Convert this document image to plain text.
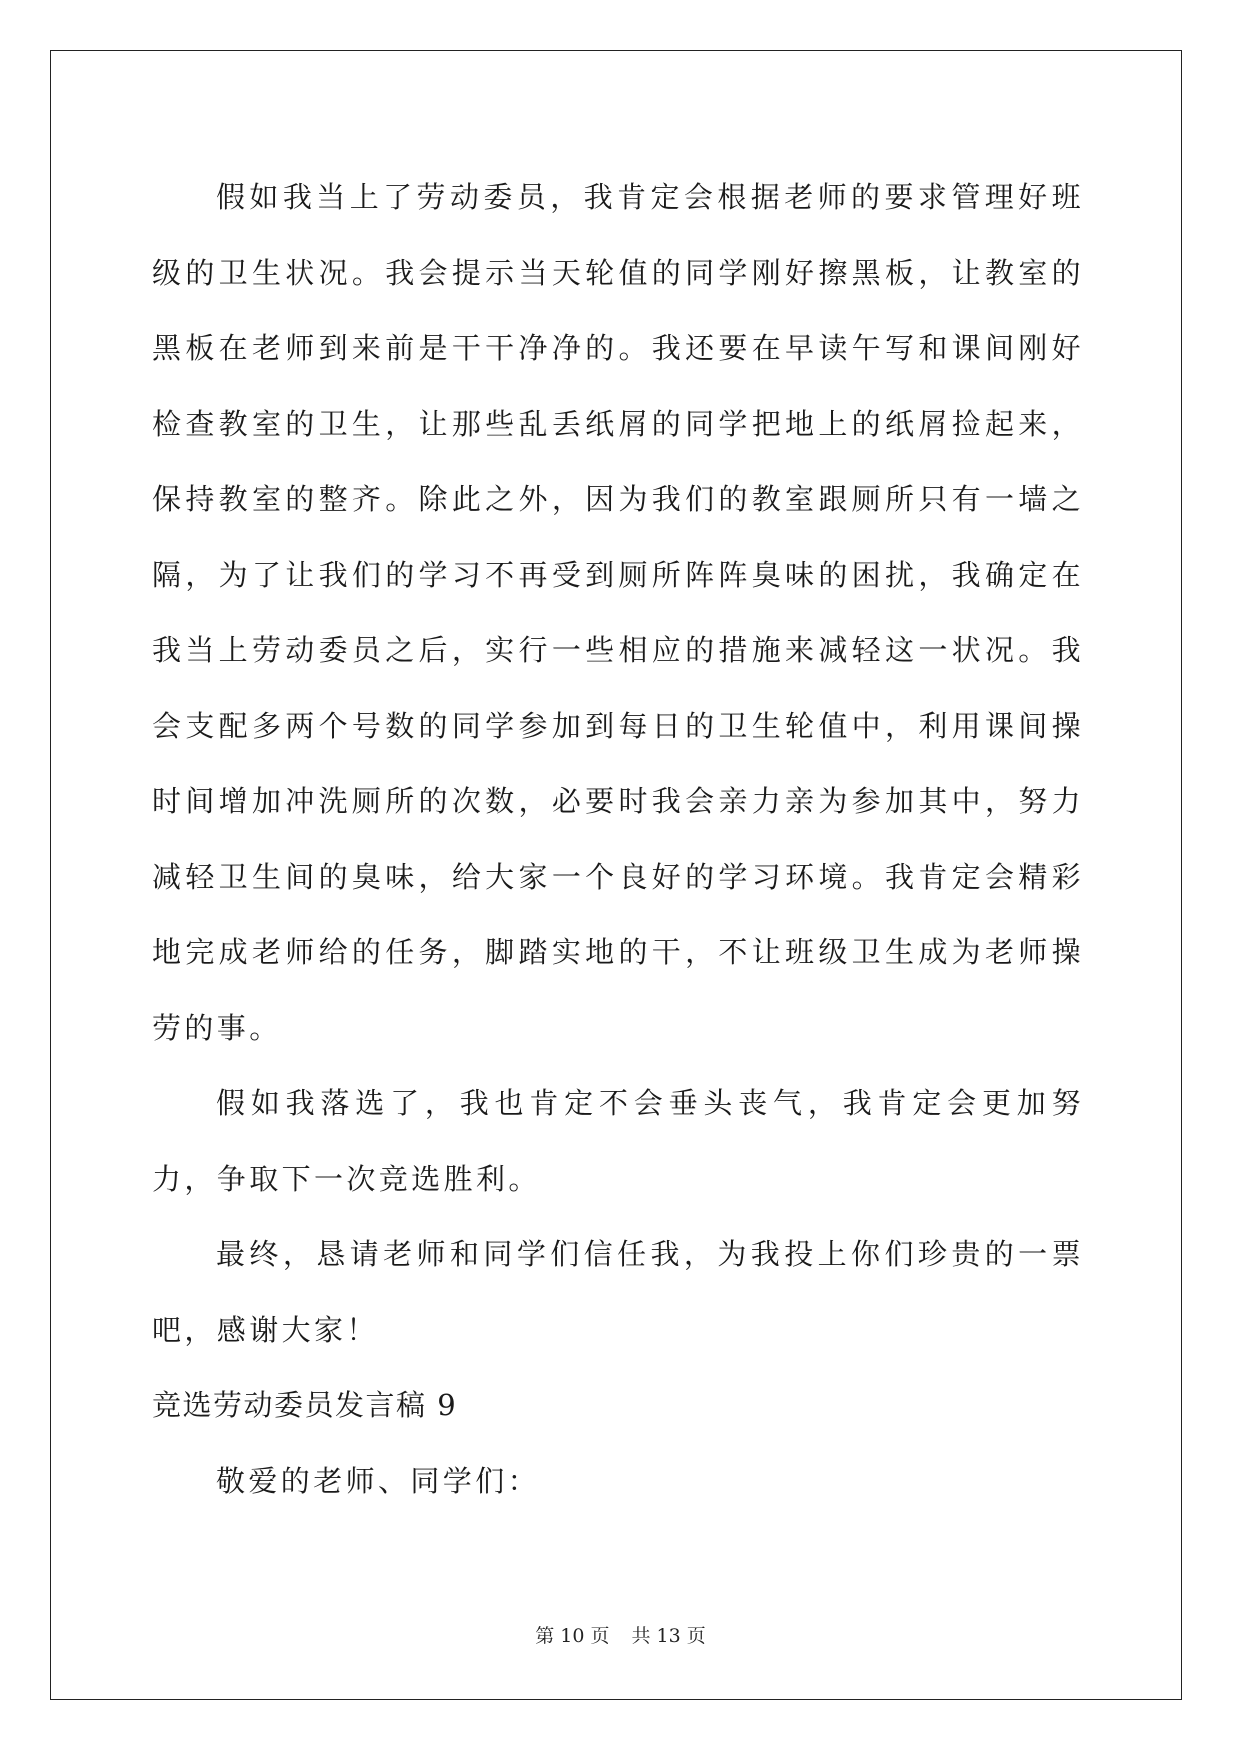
假如我当上了劳动委员，我肯定会根据老师的要求管理好班级的卫生状况。我会提示当天轮值的同学刚好擦黑板，让教室的黑板在老师到来前是干干净净的。我还要在早读午写和课间刚好检查教室的卫生，让那些乱丢纸屑的同学把地上的纸屑捡起来，保持教室的整齐。除此之外，因为我们的教室跟厕所只有一墙之隔，为了让我们的学习不再受到厕所阵阵臭味的困扰，我确定在我当上劳动委员之后，实行一些相应的措施来减轻这一状况。我会支配多两个号数的同学参加到每日的卫生轮值中，利用课间操时间增加冲洗厕所的次数，必要时我会亲力亲为参加其中，努力减轻卫生间的臭味，给大家一个良好的学习环境。我肯定会精彩地完成老师给的任务，脚踏实地的干，不让班级卫生成为老师操劳的事。

假如我落选了，我也肯定不会垂头丧气，我肯定会更加努力，争取下一次竞选胜利。

最终，恳请老师和同学们信任我，为我投上你们珍贵的一票吧，感谢大家！

竞选劳动委员发言稿 9

敬爱的老师、同学们：

第 10 页 共 13 页
